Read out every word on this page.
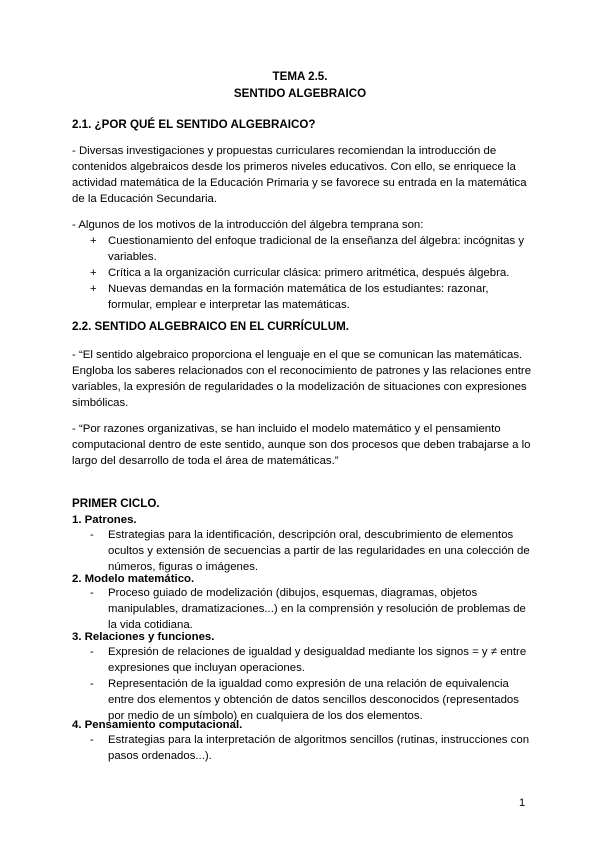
TEMA 2.5.
SENTIDO ALGEBRAICO
2.1. ¿POR QUÉ EL SENTIDO ALGEBRAICO?
- Diversas investigaciones y propuestas curriculares recomiendan la introducción de contenidos algebraicos desde los primeros niveles educativos. Con ello, se enriquece la actividad matemática de la Educación Primaria y se favorece su entrada en la matemática de la Educación Secundaria.
- Algunos de los motivos de la introducción del álgebra temprana son:
+ Cuestionamiento del enfoque tradicional de la enseñanza del álgebra: incógnitas y variables.
+ Crítica a la organización curricular clásica: primero aritmética, después álgebra.
+ Nuevas demandas en la formación matemática de los estudiantes: razonar, formular, emplear e interpretar las matemáticas.
2.2. SENTIDO ALGEBRAICO EN EL CURRÍCULUM.
- “El sentido algebraico proporciona el lenguaje en el que se comunican las matemáticas. Engloba los saberes relacionados con el reconocimiento de patrones y las relaciones entre variables, la expresión de regularidades o la modelización de situaciones con expresiones simbólicas.
- “Por razones organizativas, se han incluido el modelo matemático y el pensamiento computacional dentro de este sentido, aunque son dos procesos que deben trabajarse a lo largo del desarrollo de toda el área de matemáticas.”
PRIMER CICLO.
1. Patrones.
-	Estrategias para la identificación, descripción oral, descubrimiento de elementos ocultos y extensión de secuencias a partir de las regularidades en una colección de números, figuras o imágenes.
2. Modelo matemático.
-	Proceso guiado de modelización (dibujos, esquemas, diagramas, objetos manipulables, dramatizaciones...) en la comprensión y resolución de problemas de la vida cotidiana.
3. Relaciones y funciones.
-	Expresión de relaciones de igualdad y desigualdad mediante los signos = y ≠ entre expresiones que incluyan operaciones.
-	Representación de la igualdad como expresión de una relación de equivalencia entre dos elementos y obtención de datos sencillos desconocidos (representados por medio de un símbolo) en cualquiera de los dos elementos.
4. Pensamiento computacional.
-	Estrategias para la interpretación de algoritmos sencillos (rutinas, instrucciones con pasos ordenados...).
1
